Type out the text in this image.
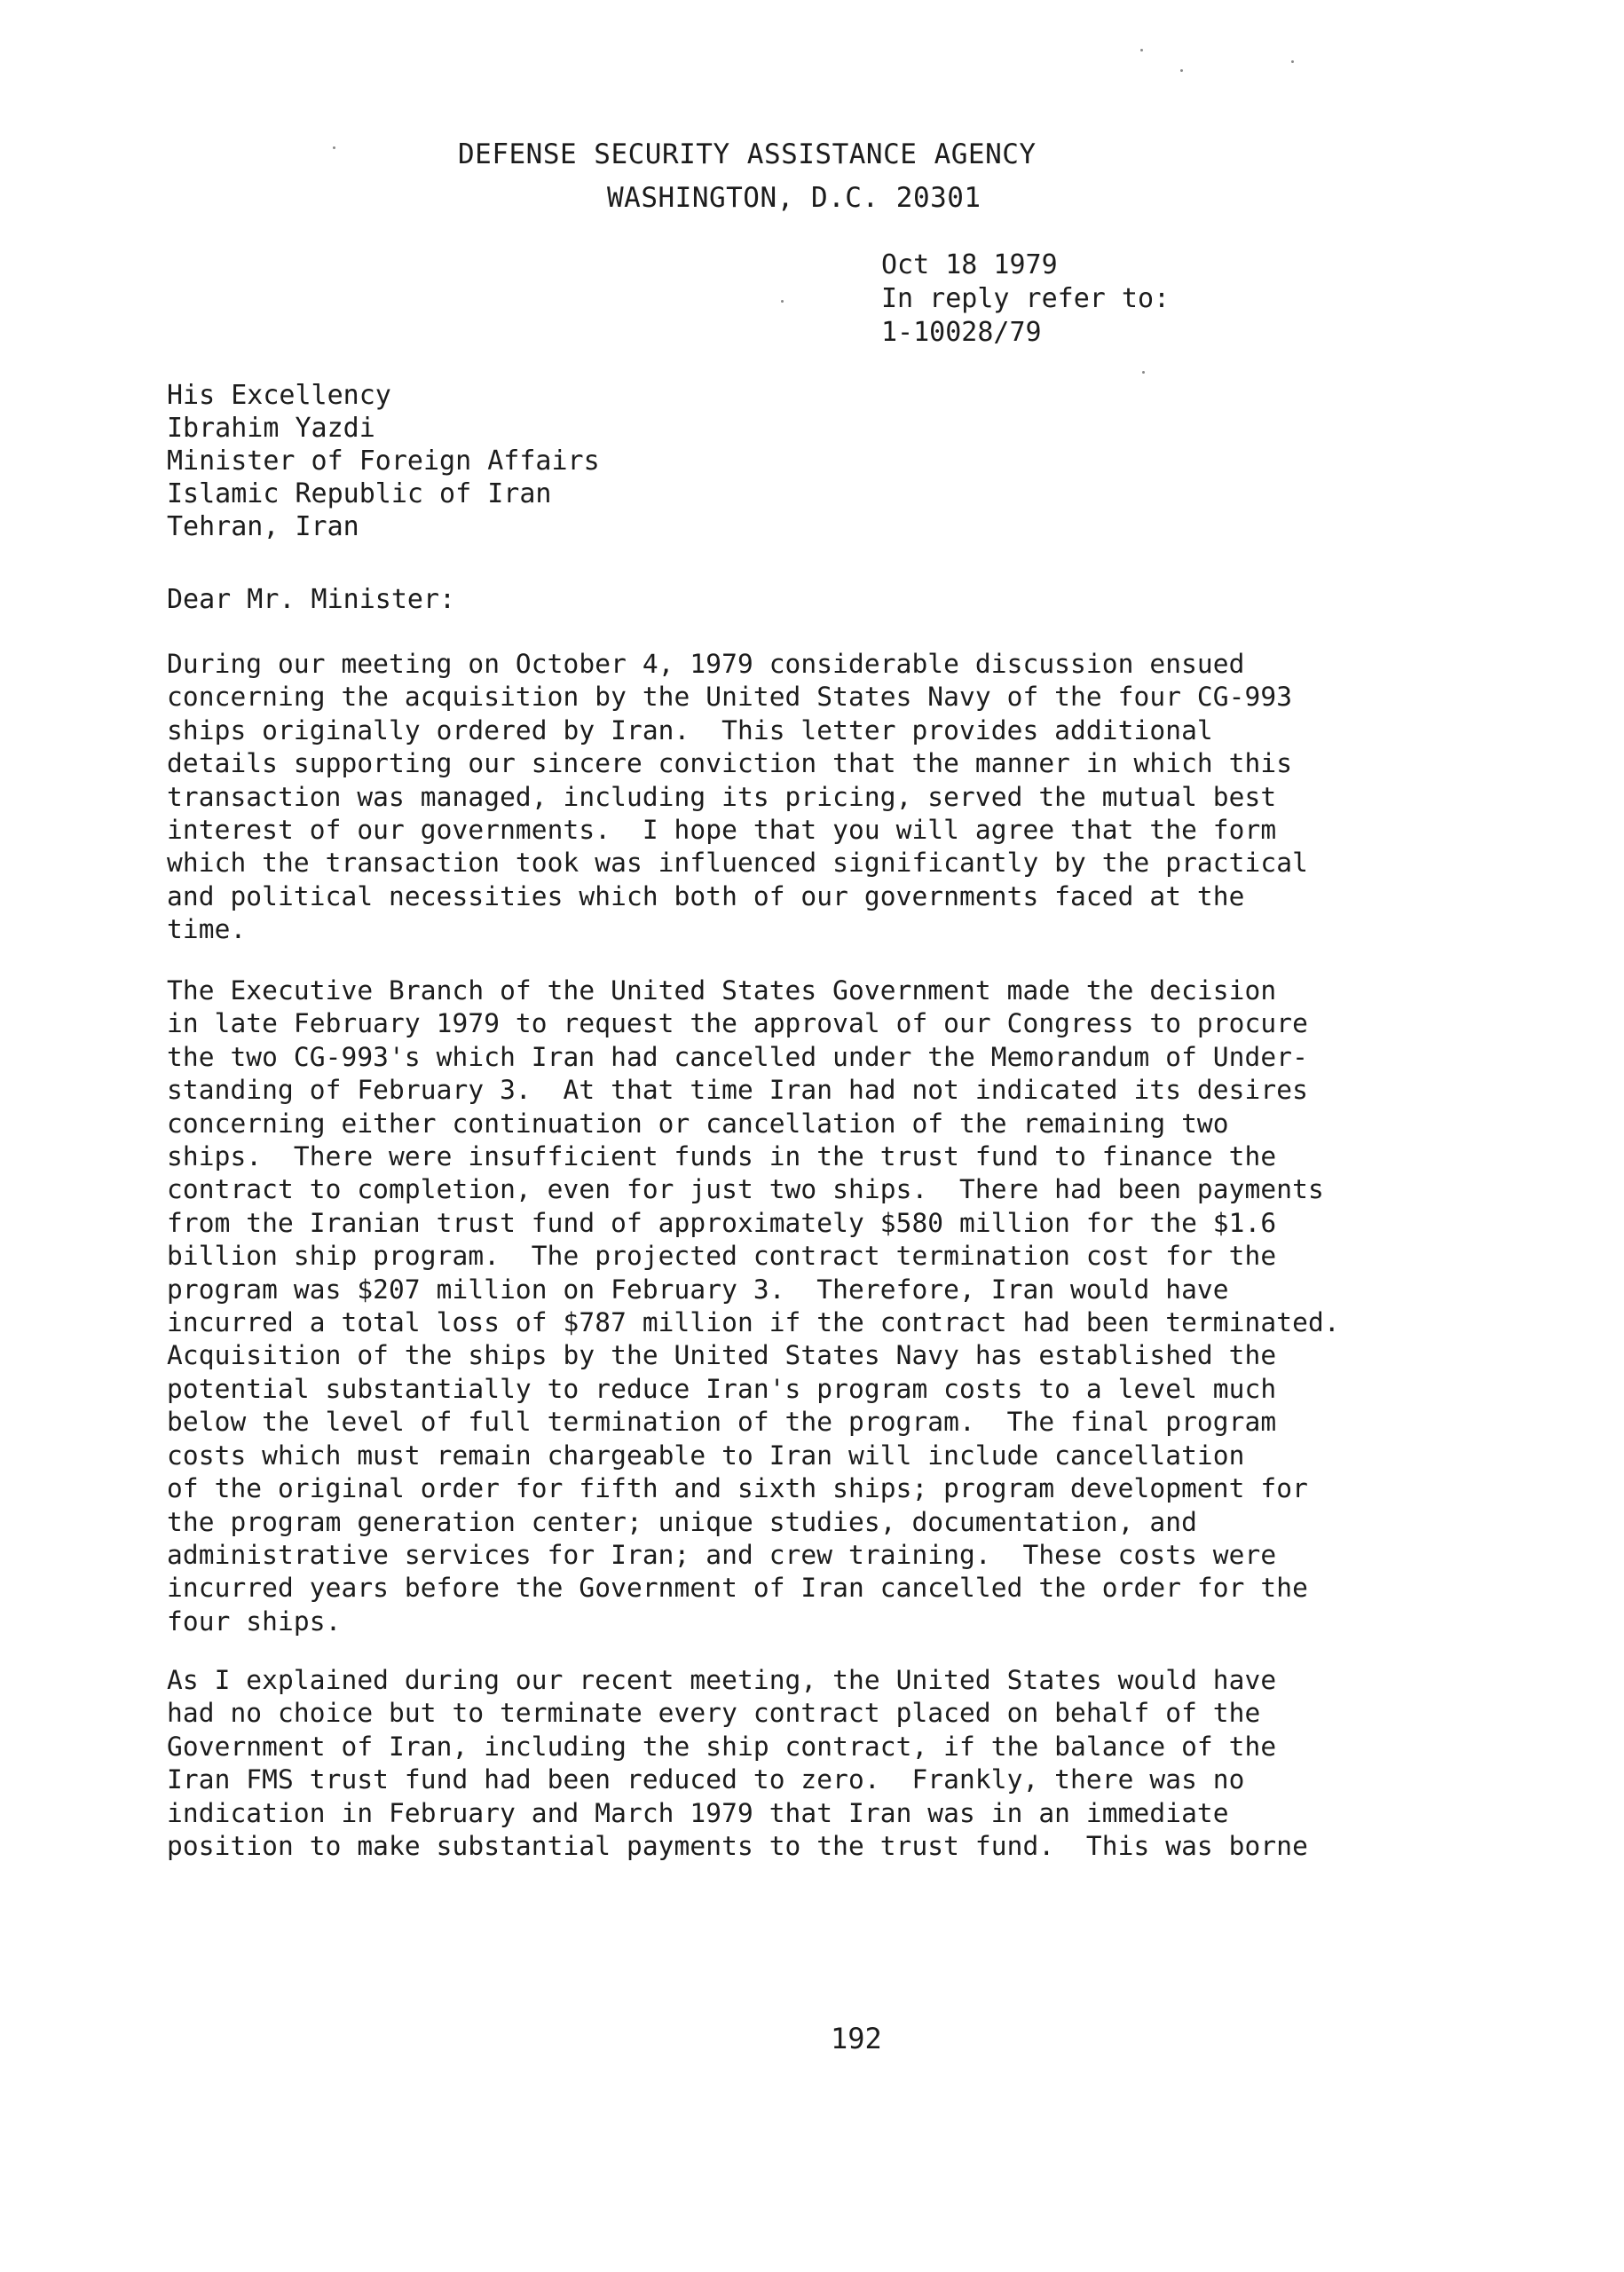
DEFENSE SECURITY ASSISTANCE AGENCY
WASHINGTON, D.C. 20301
Oct 18 1979
In reply refer to:
1-10028/79
His Excellency
Ibrahim Yazdi
Minister of Foreign Affairs
Islamic Republic of Iran
Tehran, Iran
Dear Mr. Minister:
During our meeting on October 4, 1979 considerable discussion ensued
concerning the acquisition by the United States Navy of the four CG-993
ships originally ordered by Iran.  This letter provides additional
details supporting our sincere conviction that the manner in which this
transaction was managed, including its pricing, served the mutual best
interest of our governments.  I hope that you will agree that the form
which the transaction took was influenced significantly by the practical
and political necessities which both of our governments faced at the
time.
The Executive Branch of the United States Government made the decision
in late February 1979 to request the approval of our Congress to procure
the two CG-993's which Iran had cancelled under the Memorandum of Under-
standing of February 3.  At that time Iran had not indicated its desires
concerning either continuation or cancellation of the remaining two
ships.  There were insufficient funds in the trust fund to finance the
contract to completion, even for just two ships.  There had been payments
from the Iranian trust fund of approximately $580 million for the $1.6
billion ship program.  The projected contract termination cost for the
program was $207 million on February 3.  Therefore, Iran would have
incurred a total loss of $787 million if the contract had been terminated.
Acquisition of the ships by the United States Navy has established the
potential substantially to reduce Iran's program costs to a level much
below the level of full termination of the program.  The final program
costs which must remain chargeable to Iran will include cancellation
of the original order for fifth and sixth ships; program development for
the program generation center; unique studies, documentation, and
administrative services for Iran; and crew training.  These costs were
incurred years before the Government of Iran cancelled the order for the
four ships.
As I explained during our recent meeting, the United States would have
had no choice but to terminate every contract placed on behalf of the
Government of Iran, including the ship contract, if the balance of the
Iran FMS trust fund had been reduced to zero.  Frankly, there was no
indication in February and March 1979 that Iran was in an immediate
position to make substantial payments to the trust fund.  This was borne
192
